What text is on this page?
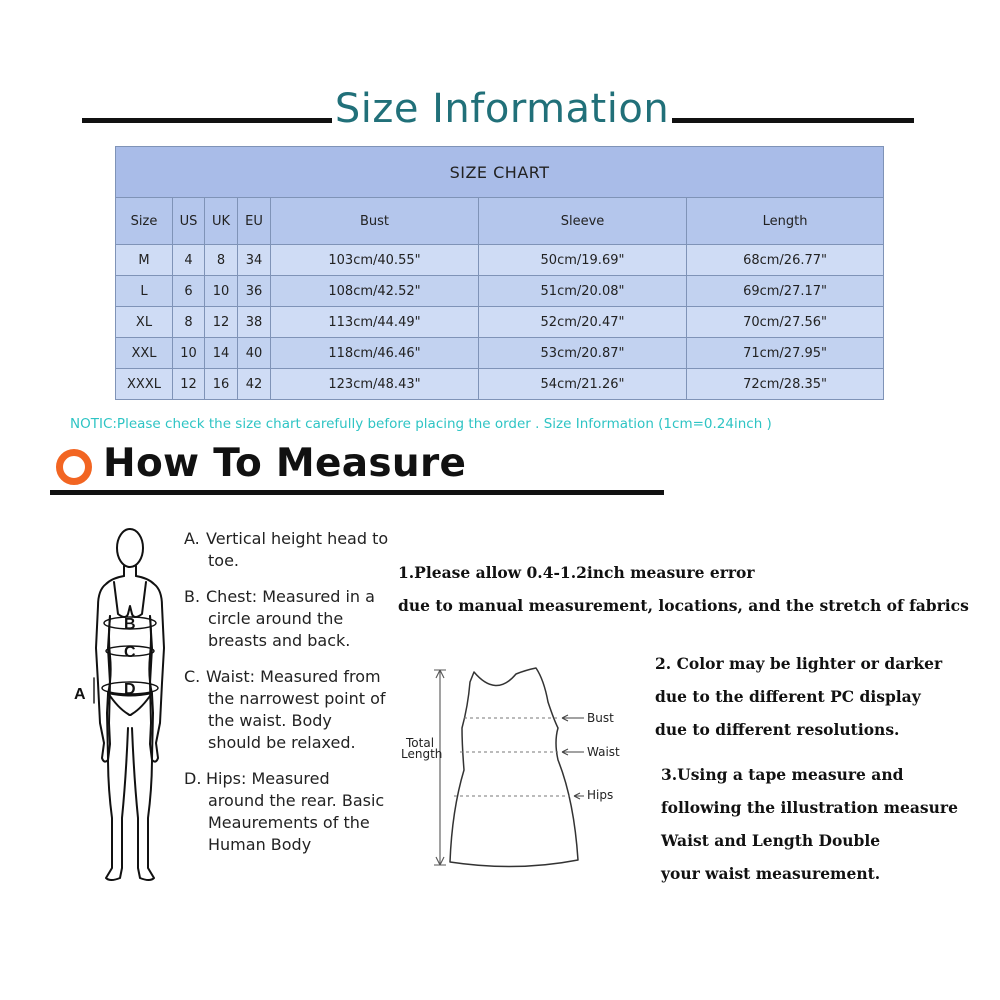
Size Information
SIZE CHART						
Size	US	UK	EU	Bust	Sleeve	Length
M	4	8	34	103cm/40.55"	50cm/19.69"	68cm/26.77"
L	6	10	36	108cm/42.52"	51cm/20.08"	69cm/27.17"
XL	8	12	38	113cm/44.49"	52cm/20.47"	70cm/27.56"
XXL	10	14	40	118cm/46.46"	53cm/20.87"	71cm/27.95"
XXXL	12	16	42	123cm/48.43"	54cm/21.26"	72cm/28.35"
NOTIC:Please check the size chart carefully before placing the order . Size Information (1cm=0.24inch )
How To Measure
B
C
D
A
A. Vertical height head to toe.
B. Chest: Measured in a circle around the breasts and back.
C. Waist: Measured from the narrowest point of the waist. Body should be relaxed.
D. Hips: Measured around the rear. Basic Meaurements of the Human Body
1.Please allow 0.4-1.2inch measure error
due to manual measurement, locations, and the stretch of fabrics
2. Color may be lighter or darker
due to the different PC display
due to different resolutions.
3.Using a tape measure and
following the illustration measure
Waist and Length Double
your waist measurement.
Total
Length
Bust
Waist
Hips
